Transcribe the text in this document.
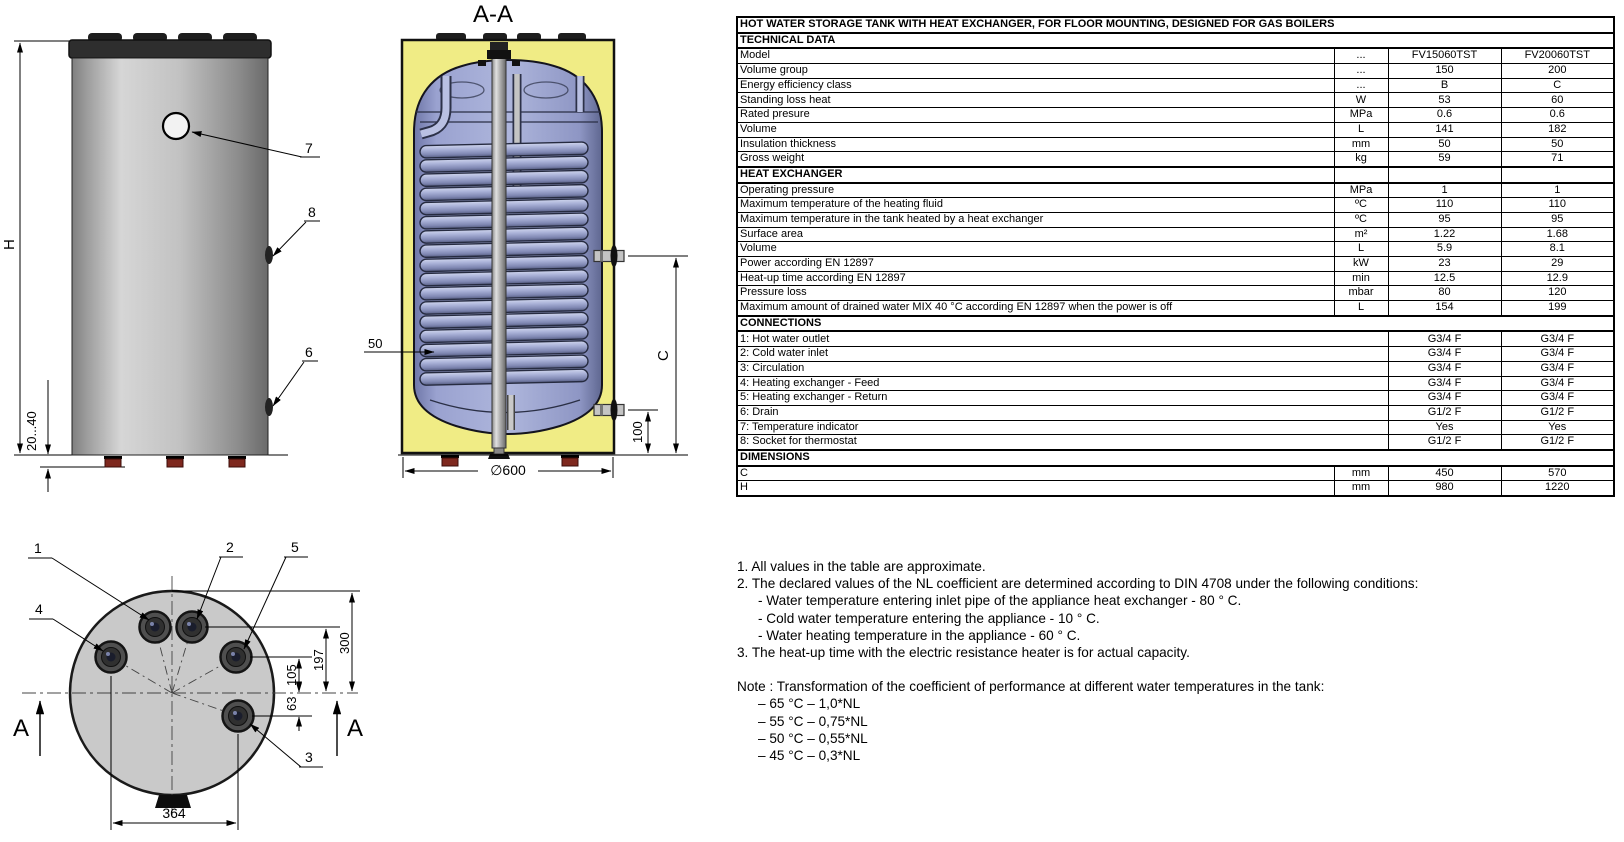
H
20...40
7
8
6
A-A
50
C
100
∅600
1	2	5
4
3
300
197
105
63
364
A	A
HOT WATER STORAGE TANK WITH HEAT EXCHANGER, FOR FLOOR MOUNTING, DESIGNED FOR GAS BOILERS			
TECHNICAL DATA			
Model	...	FV15060TST	FV20060TST
Volume group	...	150	200
Energy efficiency class	...	B	C
Standing loss heat	W	53	60
Rated presure	MPa	0.6	0.6
Volume	L	141	182
Insulation thickness	mm	50	50
Gross weight	kg	59	71
HEAT EXCHANGER			
Operating pressure	MPa	1	1
Maximum temperature of the heating fluid	ºC	110	110
Maximum temperature in the tank heated by a heat exchanger	ºC	95	95
Surface area	m²	1.22	1.68
Volume	L	5.9	8.1
Power according EN 12897	kW	23	29
Heat-up time according EN 12897	min	12.5	12.9
Pressure loss	mbar	80	120
Maximum amount of drained water MIX 40 °C according EN 12897 when the power is off	L	154	199
CONNECTIONS			
1: Hot water outlet		G3/4 F	G3/4 F
2: Cold water inlet		G3/4 F	G3/4 F
3: Circulation		G3/4 F	G3/4 F
4: Heating exchanger - Feed		G3/4 F	G3/4 F
5: Heating exchanger - Return		G3/4 F	G3/4 F
6: Drain		G1/2 F	G1/2 F
7: Temperature indicator		Yes	Yes
8: Socket for thermostat		G1/2 F	G1/2 F
DIMENSIONS			
C	mm	450	570
H	mm	980	1220
1. All values in the table are approximate.
2. The declared values of the NL coefficient are determined according to DIN 4708 under the following conditions:
- Water temperature entering inlet pipe of the appliance heat exchanger - 80 ° C.
- Cold water temperature entering the appliance - 10 ° C.
- Water heating temperature in the appliance - 60 ° C.
3. The heat-up time with the electric resistance heater is for actual capacity.
Note : Transformation of the coefficient of performance at different water temperatures in the tank:
– 65 °C – 1,0*NL
– 55 °C – 0,75*NL
– 50 °C – 0,55*NL
– 45 °C – 0,3*NL
